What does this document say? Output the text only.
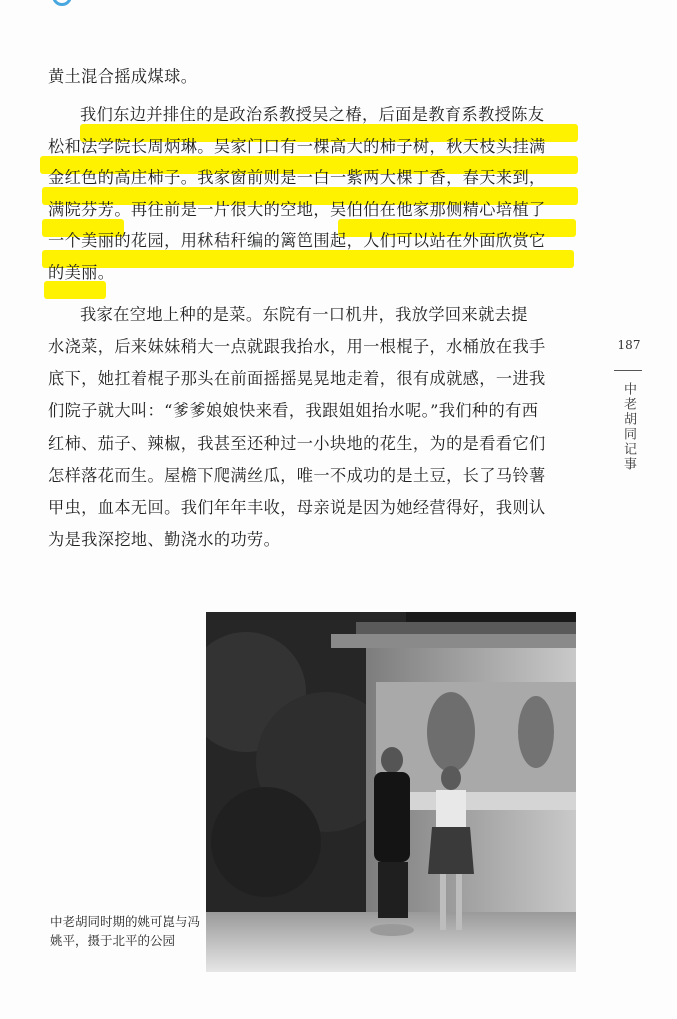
黄土混合摇成煤球。
我们东边并排住的是政治系教授吴之椿，后面是教育系教授陈友
松和法学院长周炳琳。吴家门口有一棵高大的柿子树，秋天枝头挂满
金红色的高庄柿子。我家窗前则是一白一紫两大棵丁香，春天来到，
满院芬芳。再往前是一片很大的空地，吴伯伯在他家那侧精心培植了
一个美丽的花园，用秫秸秆编的篱笆围起，人们可以站在外面欣赏它
的美丽。
我家在空地上种的是菜。东院有一口机井，我放学回来就去提
水浇菜，后来妹妹稍大一点就跟我抬水，用一根棍子，水桶放在我手
底下，她扛着棍子那头在前面摇摇晃晃地走着，很有成就感，一进我
们院子就大叫：“爹爹娘娘快来看，我跟姐姐抬水呢。”我们种的有西
红柿、茄子、辣椒，我甚至还种过一小块地的花生，为的是看看它们
怎样落花而生。屋檐下爬满丝瓜，唯一不成功的是土豆，长了马铃薯
甲虫，血本无回。我们年年丰收，母亲说是因为她经营得好，我则认
为是我深挖地、勤浇水的功劳。
187
中老胡同记事
中老胡同时期的姚可崑与冯姚平，摄于北平的公园
